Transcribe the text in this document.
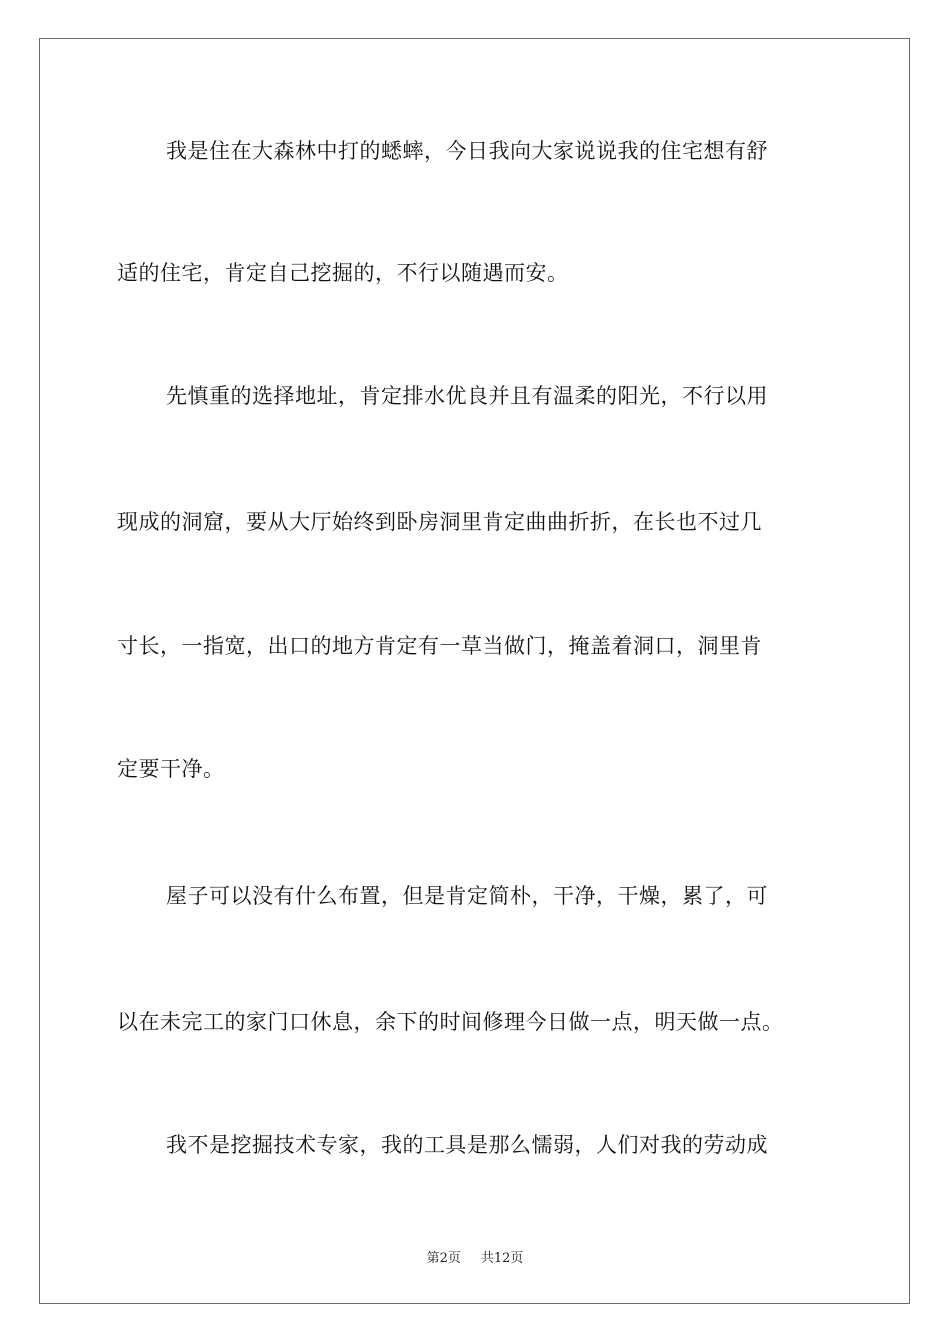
我是住在大森林中打的蟋蟀，今日我向大家说说我的住宅想有舒
适的住宅，肯定自己挖掘的，不行以随遇而安。
先慎重的选择地址，肯定排水优良并且有温柔的阳光，不行以用
现成的洞窟，要从大厅始终到卧房洞里肯定曲曲折折，在长也不过几
寸长，一指宽，出口的地方肯定有一草当做门，掩盖着洞口，洞里肯
定要干净。
屋子可以没有什么布置，但是肯定简朴，干净，干燥，累了，可
以在未完工的家门口休息，余下的时间修理今日做一点，明天做一点。
我不是挖掘技术专家，我的工具是那么懦弱，人们对我的劳动成
第2页 共12页
